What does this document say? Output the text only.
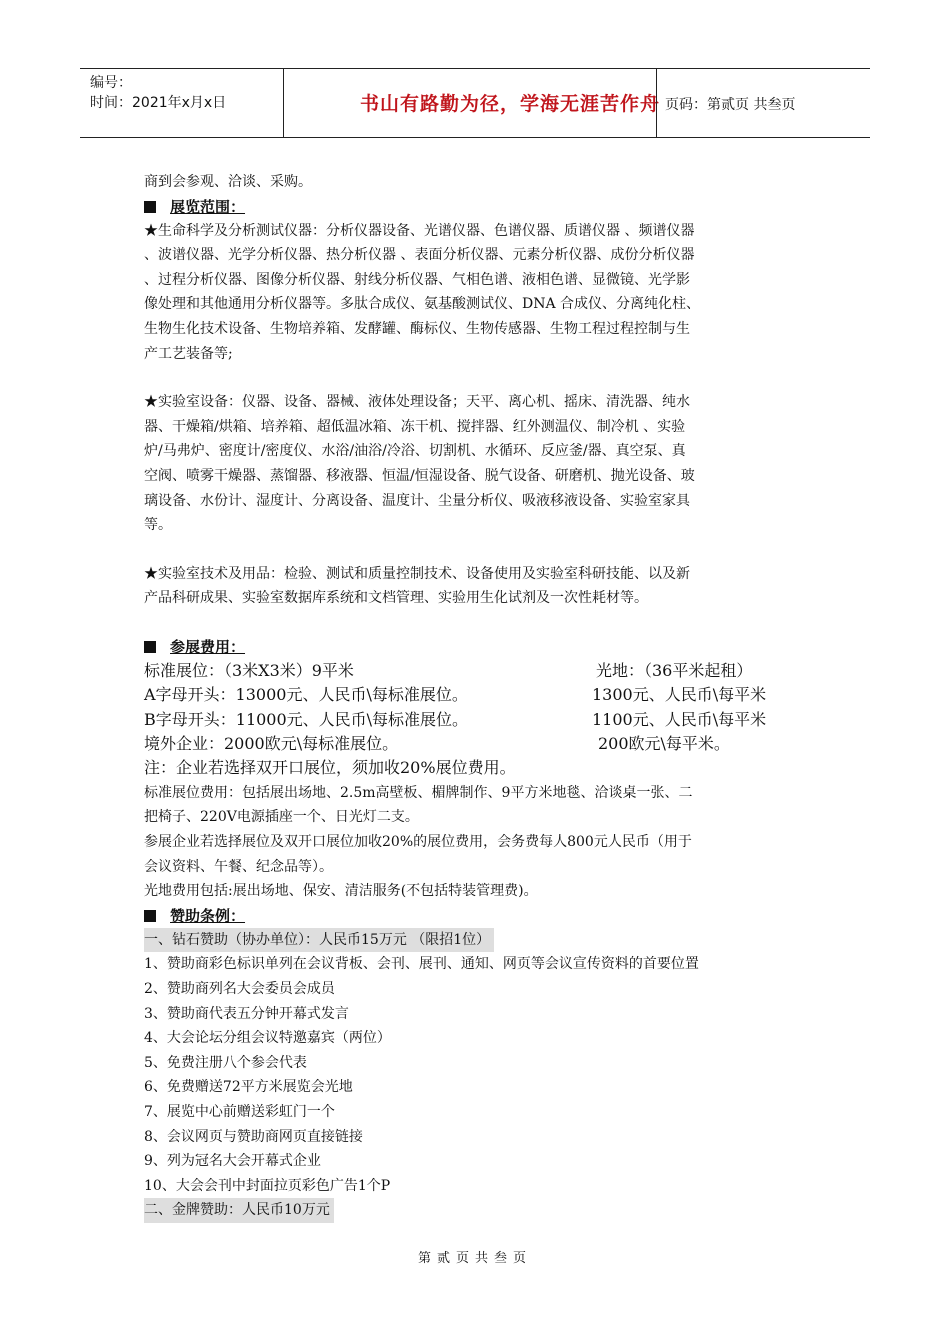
编号：
时间：2021年x月x日	书山有路勤为径，学海无涯苦作舟 页码：第贰页 共叁页
商到会参观、洽谈、采购。
展览范围：
★生命科学及分析测试仪器：分析仪器设备、光谱仪器、色谱仪器、质谱仪器 、频谱仪器
、波谱仪器、光学分析仪器、热分析仪器 、表面分析仪器、元素分析仪器、成份分析仪器
、过程分析仪器、图像分析仪器、射线分析仪器、气相色谱、液相色谱、显微镜、光学影
像处理和其他通用分析仪器等。多肽合成仪、氨基酸测试仪、DNA 合成仪、分离纯化柱、
生物生化技术设备、生物培养箱、发酵罐、酶标仪、生物传感器、生物工程过程控制与生
产工艺装备等;
★实验室设备：仪器、设备、器械、液体处理设备；天平、离心机、摇床、清洗器、纯水
器、干燥箱/烘箱、培养箱、超低温冰箱、冻干机、搅拌器、红外测温仪、制冷机 、实验
炉/马弗炉、密度计/密度仪、水浴/油浴/冷浴、切割机、水循环、反应釜/器、真空泵、真
空阀、喷雾干燥器、蒸馏器、移液器、恒温/恒湿设备、脱气设备、研磨机、抛光设备、玻
璃设备、水份计、湿度计、分离设备、温度计、尘量分析仪、吸液移液设备、实验室家具
等。
★实验室技术及用品：检验、测试和质量控制技术、设备使用及实验室科研技能、以及新
产品科研成果、实验室数据库系统和文档管理、实验用生化试剂及一次性耗材等。
参展费用：
标准展位：（3米X3米）9平米	光地：（36平米起租）
A字母开头：13000元、人民币\每标准展位。	1300元、人民币\每平米
B字母开头：11000元、人民币\每标准展位。	1100元、人民币\每平米
境外企业：2000欧元\每标准展位。	200欧元\每平米。
注：企业若选择双开口展位，须加收20%展位费用。
标准展位费用：包括展出场地、2.5m高壁板、楣牌制作、9平方米地毯、洽谈桌一张、二
把椅子、220V电源插座一个、日光灯二支。
参展企业若选择展位及双开口展位加收20%的展位费用，会务费每人800元人民币（用于
会议资料、午餐、纪念品等）。
光地费用包括:展出场地、保安、清洁服务(不包括特装管理费)。
赞助条例：
一、钻石赞助（协办单位）：人民币15万元 （限招1位）
1、赞助商彩色标识单列在会议背板、会刊、展刊、通知、网页等会议宣传资料的首要位置
2、赞助商列名大会委员会成员
3、赞助商代表五分钟开幕式发言
4、大会论坛分组会议特邀嘉宾（两位）
5、免费注册八个参会代表
6、免费赠送72平方米展览会光地
7、展览中心前赠送彩虹门一个
8、会议网页与赞助商网页直接链接
9、列为冠名大会开幕式企业
10、大会会刊中封面拉页彩色广告1个P
二、金牌赞助：人民币10万元
第贰页共叁页
